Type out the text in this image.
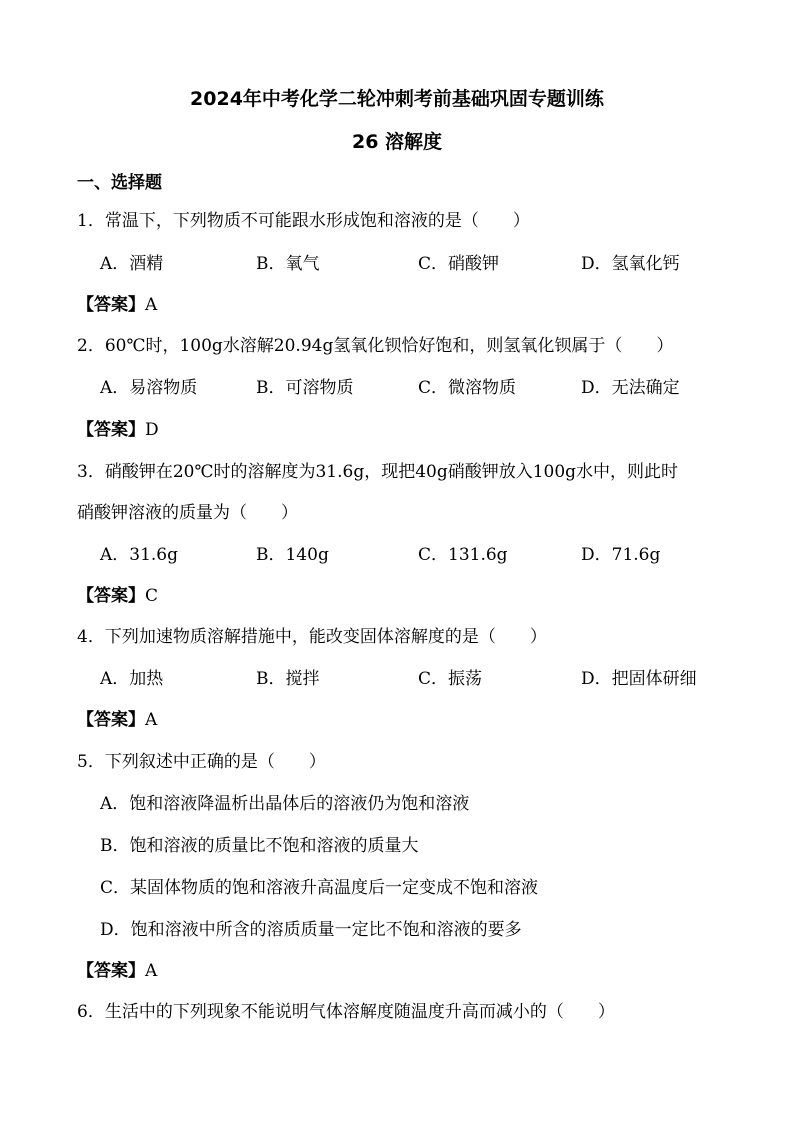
2024年中考化学二轮冲刺考前基础巩固专题训练
26 溶解度
一、选择题
1．常温下，下列物质不可能跟水形成饱和溶液的是（　　）
A．酒精	B．氧气	C．硝酸钾	D．氢氧化钙
【答案】A
2．60℃时，100g水溶解20.94g氢氧化钡恰好饱和，则氢氧化钡属于（　　）
A．易溶物质	B．可溶物质	C．微溶物质	D．无法确定
【答案】D
3．硝酸钾在20℃时的溶解度为31.6g，现把40g硝酸钾放入100g水中，则此时
硝酸钾溶液的质量为（　　）
A．31.6g	B．140g	C．131.6g	D．71.6g
【答案】C
4．下列加速物质溶解措施中，能改变固体溶解度的是（　　）
A．加热	B．搅拌	C．振荡	D．把固体研细
【答案】A
5．下列叙述中正确的是（　　）
A．饱和溶液降温析出晶体后的溶液仍为饱和溶液
B．饱和溶液的质量比不饱和溶液的质量大
C．某固体物质的饱和溶液升高温度后一定变成不饱和溶液
D．饱和溶液中所含的溶质质量一定比不饱和溶液的要多
【答案】A
6．生活中的下列现象不能说明气体溶解度随温度升高而减小的（　　）
